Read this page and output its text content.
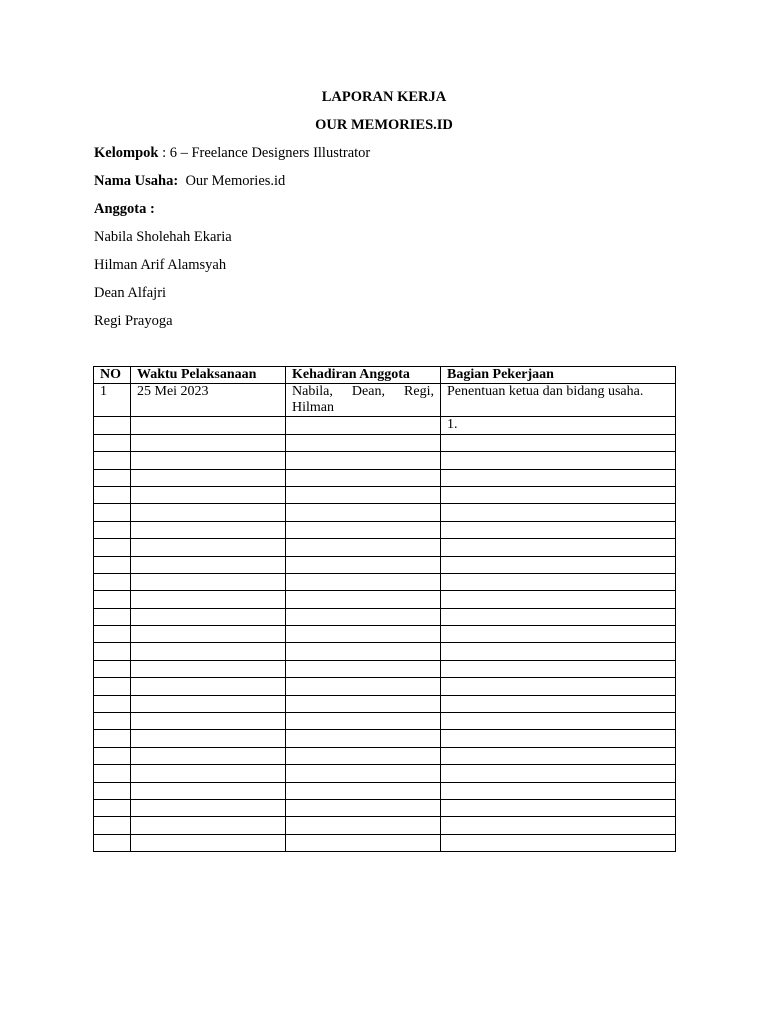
LAPORAN KERJA
OUR MEMORIES.ID
Kelompok : 6 – Freelance Designers Illustrator
Nama Usaha:  Our Memories.id
Anggota :
Nabila Sholehah Ekaria
Hilman Arif Alamsyah
Dean Alfajri
Regi Prayoga
NO	Waktu Pelaksanaan	Kehadiran Anggota	Bagian Pekerjaan
1	25 Mei 2023	Nabila, Dean, Regi, Hilman	Penentuan ketua dan bidang usaha.
			1.
